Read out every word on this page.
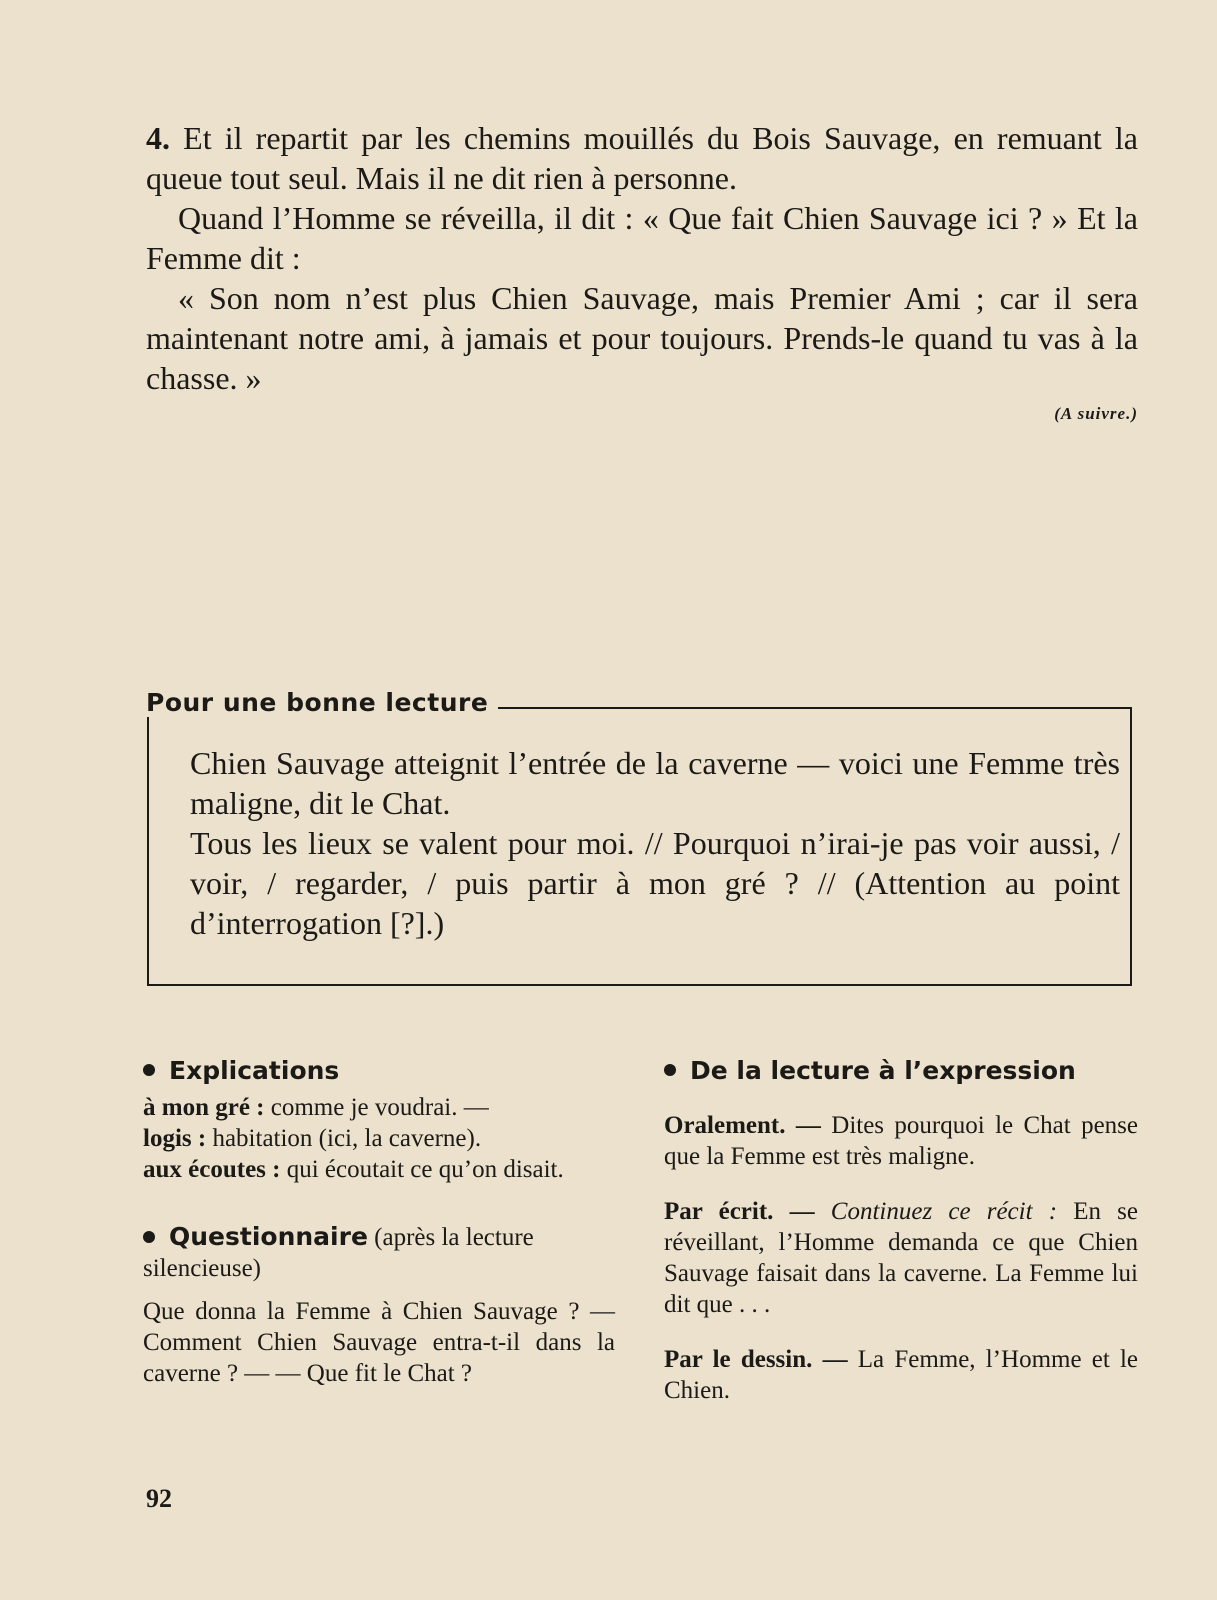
4. Et il repartit par les chemins mouillés du Bois Sauvage, en remuant la queue tout seul. Mais il ne dit rien à personne.

Quand l’Homme se réveilla, il dit : « Que fait Chien Sauvage ici ? » Et la Femme dit :

« Son nom n’est plus Chien Sauvage, mais Premier Ami ; car il sera maintenant notre ami, à jamais et pour toujours. Prends-le quand tu vas à la chasse. »

(A suivre.)
Pour une bonne lecture

Chien Sauvage atteignit l’entrée de la caverne — voici une Femme très maligne, dit le Chat.

Tous les lieux se valent pour moi. // Pourquoi n’irai-je pas voir aussi, / voir, / regarder, / puis partir à mon gré ? // (Attention au point d’interrogation [?].)

Explications

à mon gré : comme je voudrai. —

logis : habitation (ici, la caverne).

aux écoutes : qui écoutait ce qu’on disait.

Questionnaire (après la lecture silencieuse)

Que donna la Femme à Chien Sauvage ? — Comment Chien Sauvage entra-t-il dans la caverne ? — — Que fit le Chat ?

De la lecture à l’expression

Oralement. — Dites pourquoi le Chat pense que la Femme est très maligne.

Par écrit. — Continuez ce récit : En se réveillant, l’Homme demanda ce que Chien Sauvage faisait dans la caverne. La Femme lui dit que . . .

Par le dessin. — La Femme, l’Homme et le Chien.

92
